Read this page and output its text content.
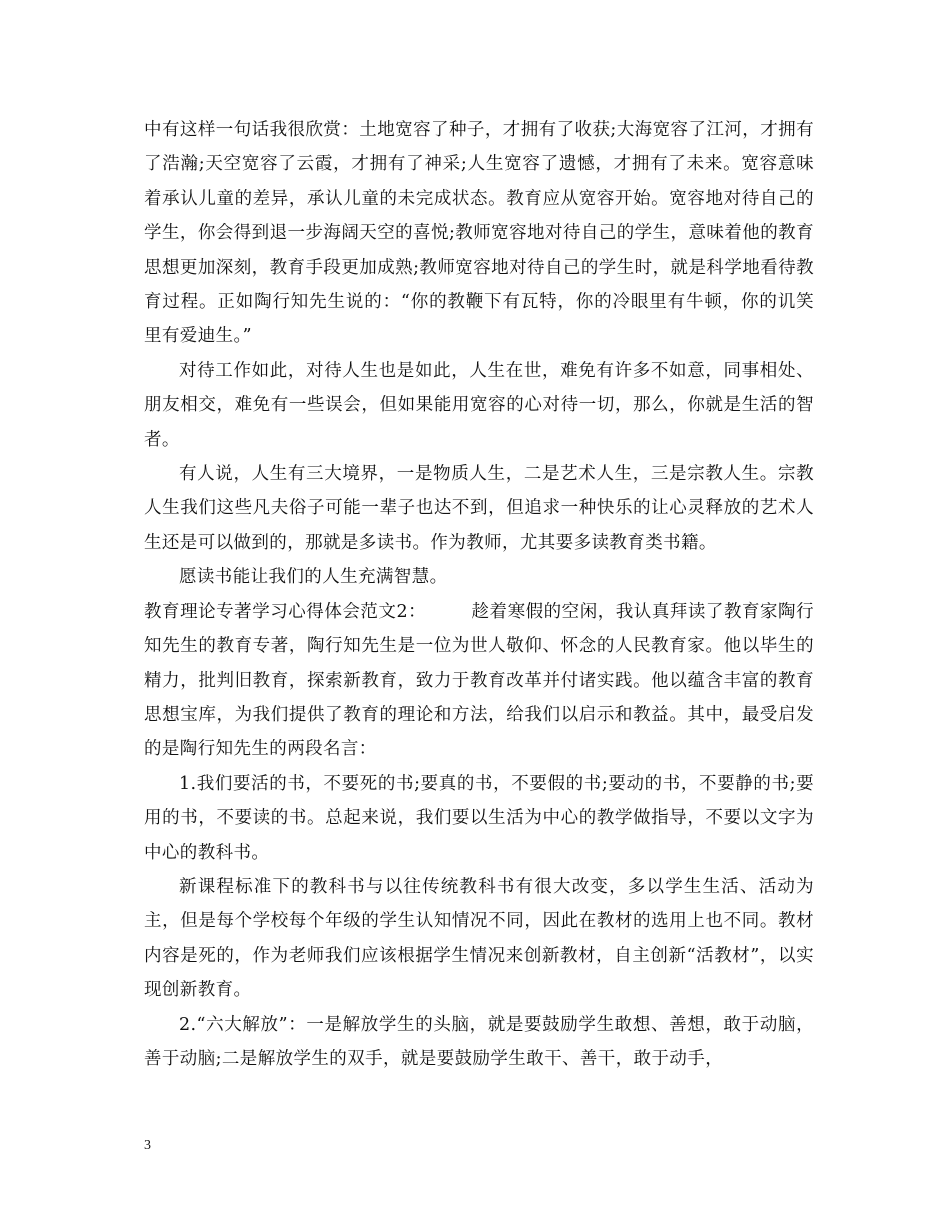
中有这样一句话我很欣赏：土地宽容了种子，才拥有了收获;大海宽容了江河，才拥有了浩瀚;天空宽容了云霞，才拥有了神采;人生宽容了遗憾，才拥有了未来。宽容意味着承认儿童的差异，承认儿童的未完成状态。教育应从宽容开始。宽容地对待自己的学生，你会得到退一步海阔天空的喜悦;教师宽容地对待自己的学生，意味着他的教育思想更加深刻，教育手段更加成熟;教师宽容地对待自己的学生时，就是科学地看待教育过程。正如陶行知先生说的：“你的教鞭下有瓦特，你的冷眼里有牛顿，你的讥笑里有爱迪生。”

对待工作如此，对待人生也是如此，人生在世，难免有许多不如意，同事相处、朋友相交，难免有一些误会，但如果能用宽容的心对待一切，那么，你就是生活的智者。

有人说，人生有三大境界，一是物质人生，二是艺术人生，三是宗教人生。宗教人生我们这些凡夫俗子可能一辈子也达不到，但追求一种快乐的让心灵释放的艺术人生还是可以做到的，那就是多读书。作为教师，尤其要多读教育类书籍。

愿读书能让我们的人生充满智慧。

教育理论专著学习心得体会范文2：　　　趁着寒假的空闲，我认真拜读了教育家陶行知先生的教育专著，陶行知先生是一位为世人敬仰、怀念的人民教育家。他以毕生的精力，批判旧教育，探索新教育，致力于教育改革并付诸实践。他以蕴含丰富的教育思想宝库，为我们提供了教育的理论和方法，给我们以启示和教益。其中，最受启发的是陶行知先生的两段名言：

1.我们要活的书，不要死的书;要真的书，不要假的书;要动的书，不要静的书;要用的书，不要读的书。总起来说，我们要以生活为中心的教学做指导，不要以文字为中心的教科书。

新课程标准下的教科书与以往传统教科书有很大改变，多以学生生活、活动为主，但是每个学校每个年级的学生认知情况不同，因此在教材的选用上也不同。教材内容是死的，作为老师我们应该根据学生情况来创新教材，自主创新“活教材”，以实现创新教育。

2.“六大解放”：一是解放学生的头脑，就是要鼓励学生敢想、善想，敢于动脑，善于动脑;二是解放学生的双手，就是要鼓励学生敢干、善干，敢于动手，

3
